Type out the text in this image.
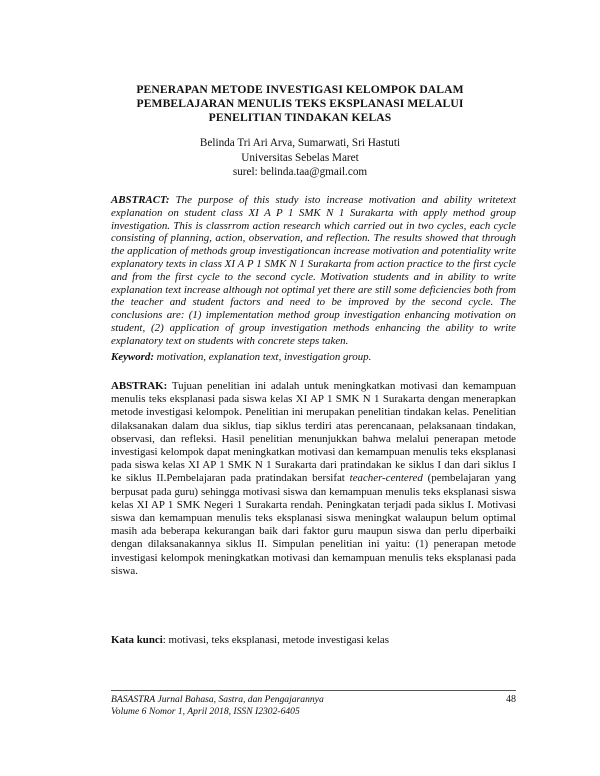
PENERAPAN METODE INVESTIGASI KELOMPOK DALAM PEMBELAJARAN MENULIS TEKS EKSPLANASI MELALUI PENELITIAN TINDAKAN KELAS
Belinda Tri Ari Arva, Sumarwati, Sri Hastuti
Universitas Sebelas Maret
surel: belinda.taa@gmail.com
ABSTRACT: The purpose of this study isto increase motivation and ability writetext explanation on student class XI A P 1 SMK N 1 Surakarta with apply method group investigation. This is classrrom action research which carried out in two cycles, each cycle consisting of planning, action, observation, and reflection. The results showed that through the application of methods group investigationcan increase motivation and potentiality write explanatory texts in class XI A P 1 SMK N 1 Surakarta from action practice to the first cycle and from the first cycle to the second cycle. Motivation students and in ability to write explanation text increase although not optimal yet there are still some deficiencies both from the teacher and student factors and need to be improved by the second cycle. The conclusions are: (1) implementation method group investigation enhancing motivation on student, (2) application of group investigation methods enhancing the ability to write explanatory text on students with concrete steps taken.
Keyword: motivation, explanation text, investigation group.
ABSTRAK: Tujuan penelitian ini adalah untuk meningkatkan motivasi dan kemampuan menulis teks eksplanasi pada siswa kelas XI AP 1 SMK N 1 Surakarta dengan menerapkan metode investigasi kelompok. Penelitian ini merupakan penelitian tindakan kelas. Penelitian dilaksanakan dalam dua siklus, tiap siklus terdiri atas perencanaan, pelaksanaan tindakan, observasi, dan refleksi. Hasil penelitian menunjukkan bahwa melalui penerapan metode investigasi kelompok dapat meningkatkan motivasi dan kemampuan menulis teks eksplanasi pada siswa kelas XI AP 1 SMK N 1 Surakarta dari pratindakan ke siklus I dan dari siklus I ke siklus II.Pembelajaran pada pratindakan bersifat teacher-centered (pembelajaran yang berpusat pada guru) sehingga motivasi siswa dan kemampuan menulis teks eksplanasi siswa kelas XI AP 1 SMK Negeri 1 Surakarta rendah. Peningkatan terjadi pada siklus I. Motivasi siswa dan kemampuan menulis teks eksplanasi siswa meningkat walaupun belum optimal masih ada beberapa kekurangan baik dari faktor guru maupun siswa dan perlu diperbaiki dengan dilaksanakannya siklus II. Simpulan penelitian ini yaitu: (1) penerapan metode investigasi kelompok meningkatkan motivasi dan kemampuan menulis teks eksplanasi pada siswa.
Kata kunci: motivasi, teks eksplanasi, metode investigasi kelas
BASASTRA Jurnal Bahasa, Sastra, dan Pengajarannya
Volume 6 Nomor 1, April 2018, ISSN I2302-6405
48
